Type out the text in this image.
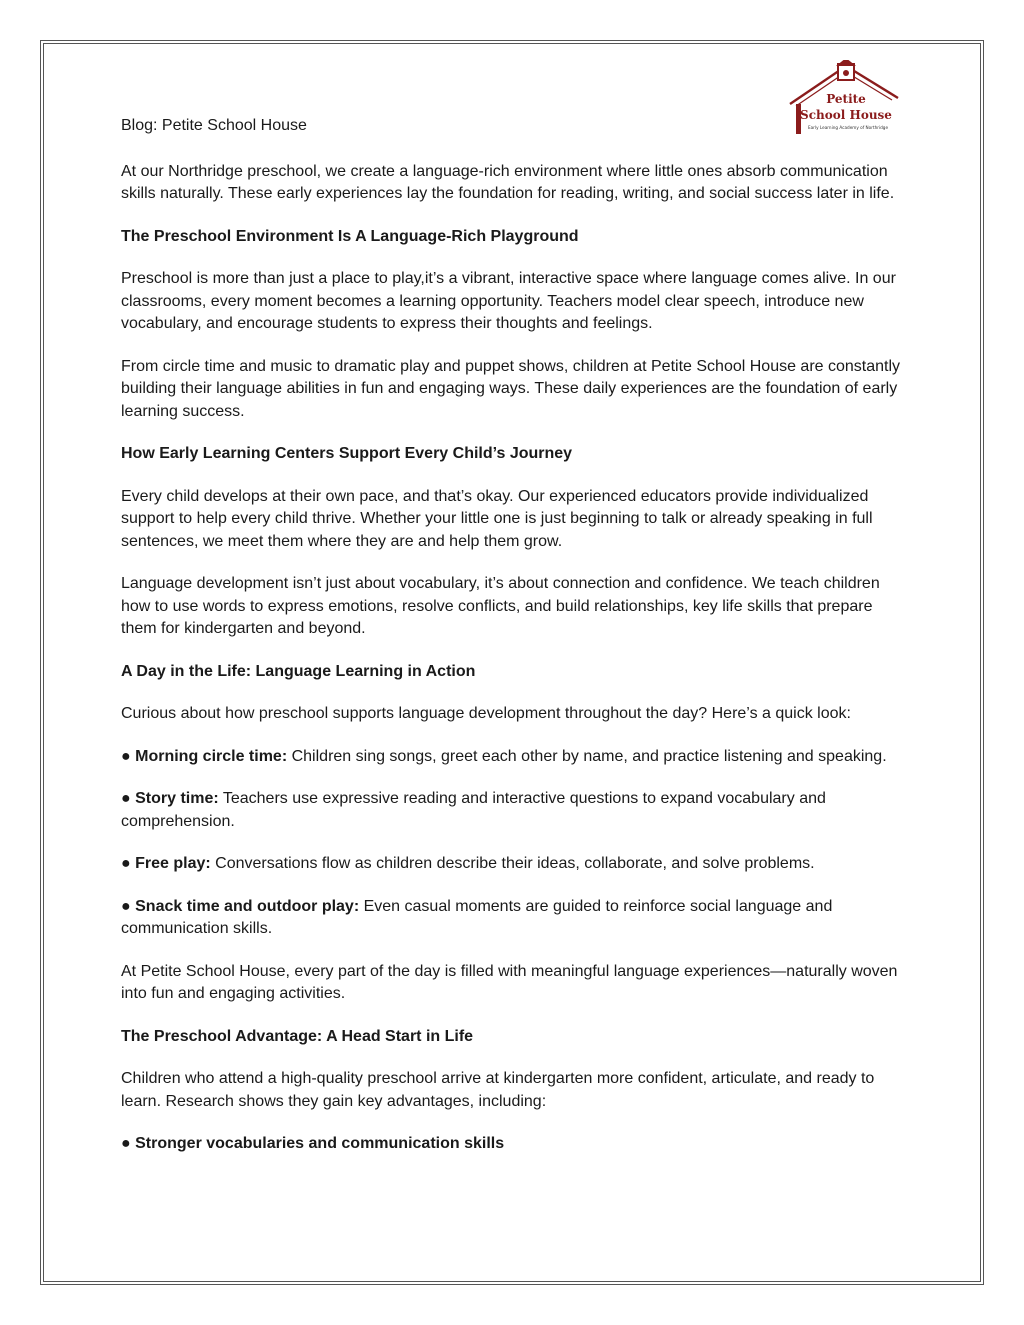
Petite
School House
Early Learning Academy of Northridge

Blog: Petite School House

At our Northridge preschool, we create a language-rich environment where little ones absorb communication skills naturally. These early experiences lay the foundation for reading, writing, and social success later in life.

The Preschool Environment Is A Language-Rich Playground

Preschool is more than just a place to play,it’s a vibrant, interactive space where language comes alive. In our classrooms, every moment becomes a learning opportunity. Teachers model clear speech, introduce new vocabulary, and encourage students to express their thoughts and feelings.

From circle time and music to dramatic play and puppet shows, children at Petite School House are constantly building their language abilities in fun and engaging ways. These daily experiences are the foundation of early learning success.

How Early Learning Centers Support Every Child’s Journey

Every child develops at their own pace, and that’s okay. Our experienced educators provide individualized support to help every child thrive. Whether your little one is just beginning to talk or already speaking in full sentences, we meet them where they are and help them grow.

Language development isn’t just about vocabulary, it’s about connection and confidence. We teach children how to use words to express emotions, resolve conflicts, and build relationships, key life skills that prepare them for kindergarten and beyond.

A Day in the Life: Language Learning in Action

Curious about how preschool supports language development throughout the day? Here’s a quick look:

● Morning circle time: Children sing songs, greet each other by name, and practice listening and speaking.

● Story time: Teachers use expressive reading and interactive questions to expand vocabulary and comprehension.

● Free play: Conversations flow as children describe their ideas, collaborate, and solve problems.

● Snack time and outdoor play: Even casual moments are guided to reinforce social language and communication skills.

At Petite School House, every part of the day is filled with meaningful language experiences—naturally woven into fun and engaging activities.

The Preschool Advantage: A Head Start in Life

Children who attend a high-quality preschool arrive at kindergarten more confident, articulate, and ready to learn. Research shows they gain key advantages, including:

● Stronger vocabularies and communication skills
